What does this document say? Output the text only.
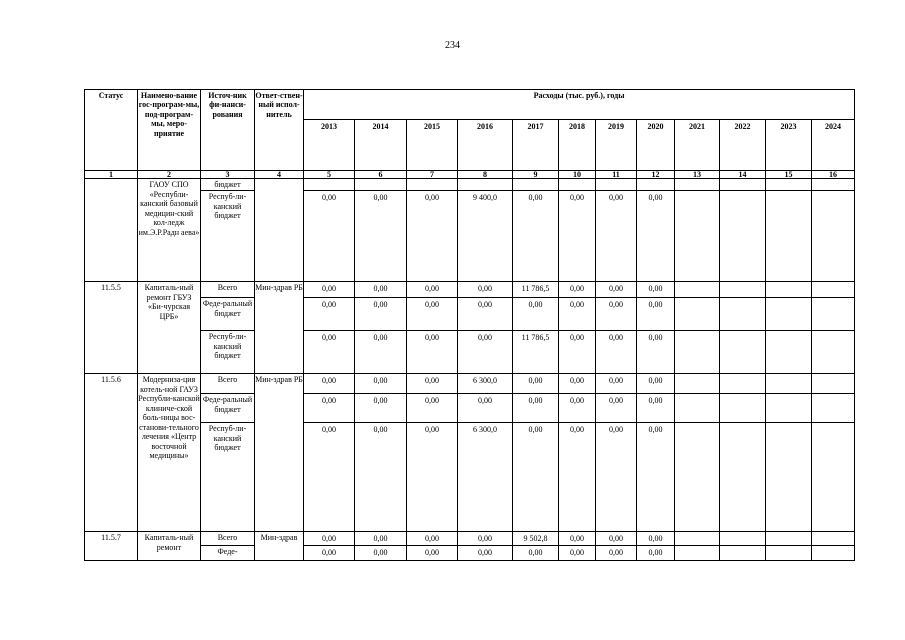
234
Статус	Наимено-вание гос-програм-мы, под-програм-мы, меро-приятие	Источ-ник фи-нанси-рования	Ответ-ствен-ный испол-нитель	Расходы (тыс. руб.), годы											
				2013	2014	2015	2016	2017	2018	2019	2020	2021	2022	2023	2024
1	2	3	4	5	6	7	8	9	10	11	12	13	14	15	16
	ГАОУ СПО «Республи-канский базовый медицин-ский кол-ледж им.Э.Р.Радн аева»	бюджет													
		Респуб-ли-канский бюджет		0,00	0,00	0,00	9 400,0	0,00	0,00	0,00	0,00				
11.5.5	Капиталь-ный ремонт ГБУЗ «Би-чурская ЦРБ»	Всего	Мин-здрав РБ	0,00	0,00	0,00	0,00	11 786,5	0,00	0,00	0,00				
		Феде-ральный бюджет		0,00	0,00	0,00	0,00	0,00	0,00	0,00	0,00				
		Респуб-ли-канский бюджет		0,00	0,00	0,00	0,00	11 786,5	0,00	0,00	0,00				
11.5.6	Модерниза-ция котель-ной ГАУЗ Республи-канской клиниче-ской боль-ницы вос-станови-тельного лечения «Центр восточной медицины»	Всего	Мин-здрав РБ	0,00	0,00	0,00	6 300,0	0,00	0,00	0,00	0,00				
		Феде-ральный бюджет		0,00	0,00	0,00	0,00	0,00	0,00	0,00	0,00				
		Респуб-ли-канский бюджет		0,00	0,00	0,00	6 300,0	0,00	0,00	0,00	0,00				
11.5.7	Капиталь-ный ремонт	Всего	Мин-здрав	0,00	0,00	0,00	0,00	9 502,8	0,00	0,00	0,00				
		Феде-		0,00	0,00	0,00	0,00	0,00	0,00	0,00	0,00				
